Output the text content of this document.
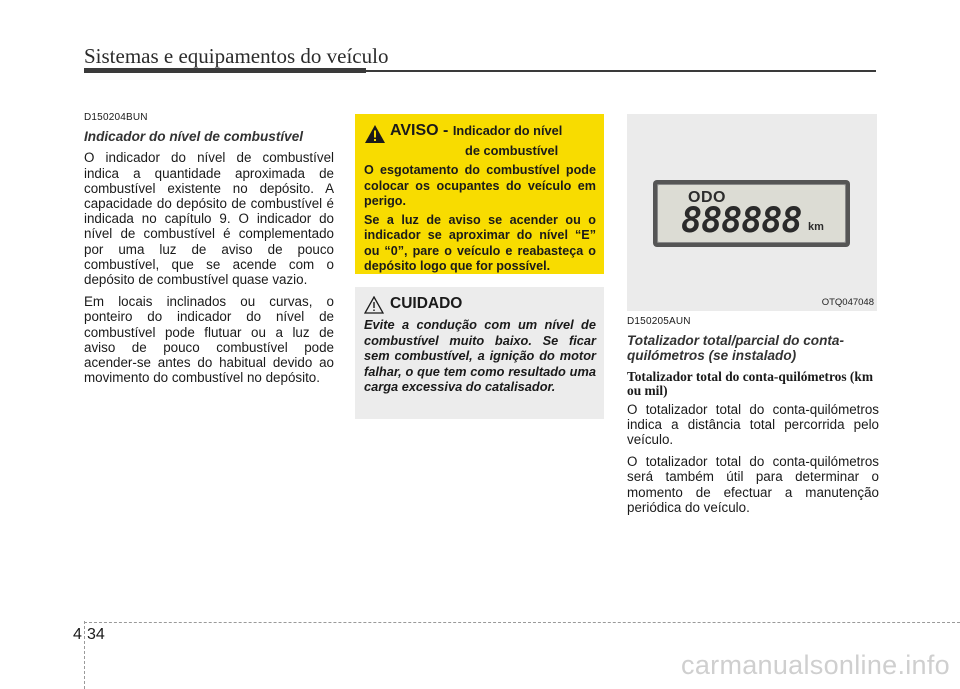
Sistemas e equipamentos do veículo
D150204BUN
Indicador do nível de combustível

O indicador do nível de combustível indica a quantidade aproximada de combustível existente no depósito. A capacidade do depósito de combustível é indicada no capítulo 9. O indicador do nível de combustível é complementado por uma luz de aviso de pouco combustível, que se acende com o depósito de combustível quase vazio.

Em locais inclinados ou curvas, o ponteiro do indicador do nível de combustível pode flutuar ou a luz de aviso de pouco combustível pode acender-se antes do habitual devido ao movimento do combustível no depósito.

AVISO - Indicador do nível
de combustível
O esgotamento do combustível pode colocar os ocupantes do veículo em perigo.
Se a luz de aviso se acender ou o indicador se aproximar do nível “E” ou “0”, pare o veículo e reabasteça o depósito logo que for possível.
CUIDADO
Evite a condução com um nível de combustível muito baixo. Se ficar sem combustível, a ignição do motor falhar, o que tem como resultado uma carga excessiva do catalisador.
ODO
888888 km
OTQ047048
D150205AUN
Totalizador total/parcial do conta-quilómetros (se instalado)
Totalizador total do conta-quilómetros (km ou mil)

O totalizador total do conta-quilómetros indica a distância total percorrida pelo veículo.

O totalizador total do conta-quilómetros será também útil para determinar o momento de efectuar a manutenção periódica do veículo.

4 34
carmanualsonline.info
